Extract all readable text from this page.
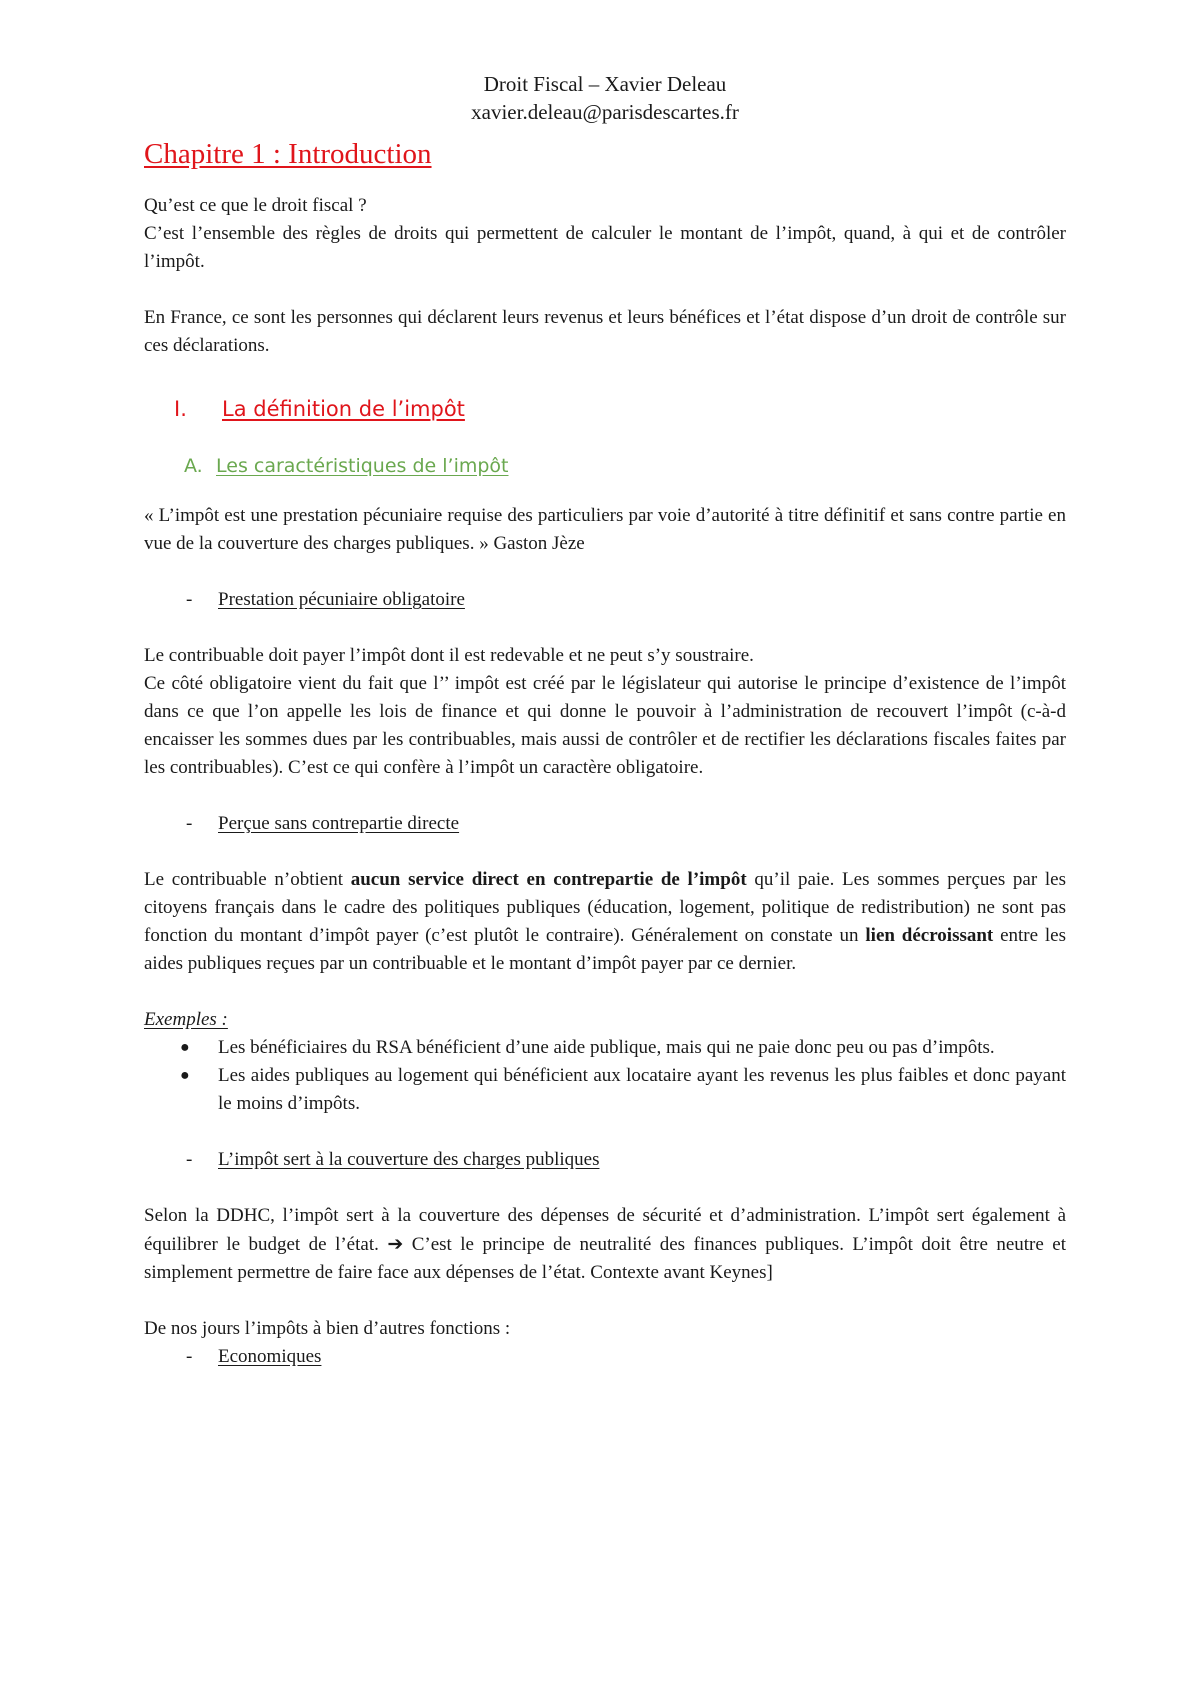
Droit Fiscal – Xavier Deleau
xavier.deleau@parisdescartes.fr
Chapitre 1 : Introduction

Qu’est ce que le droit fiscal ?

C’est l’ensemble des règles de droits qui permettent de calculer le montant de l’impôt, quand, à qui et de contrôler l’impôt.

En France, ce sont les personnes qui déclarent leurs revenus et leurs bénéfices et l’état dispose d’un droit de contrôle sur ces déclarations.

I.	La définition de l’impôt
A. Les caractéristiques de l’impôt

« L’impôt est une prestation pécuniaire requise des particuliers par voie d’autorité à titre définitif et sans contre partie en vue de la couverture des charges publiques. » Gaston Jèze

-	Prestation pécuniaire obligatoire

Le contribuable doit payer l’impôt dont il est redevable et ne peut s’y soustraire.

Ce côté obligatoire vient du fait que l’’ impôt est créé par le législateur qui autorise le principe d’existence de l’impôt dans ce que l’on appelle les lois de finance et qui donne le pouvoir à l’administration de recouvert l’impôt (c-à-d encaisser les sommes dues par les contribuables, mais aussi de contrôler et de rectifier les déclarations fiscales faites par les contribuables). C’est ce qui confère à l’impôt un caractère obligatoire.

-	Perçue sans contrepartie directe

Le contribuable n’obtient aucun service direct en contrepartie de l’impôt qu’il paie. Les sommes perçues par les citoyens français dans le cadre des politiques publiques (éducation, logement, politique de redistribution) ne sont pas fonction du montant d’impôt payer (c’est plutôt le contraire). Généralement on constate un lien décroissant entre les aides publiques reçues par un contribuable et le montant d’impôt payer par ce dernier.

Exemples :

●	Les bénéficiaires du RSA bénéficient d’une aide publique, mais qui ne paie donc peu ou pas d’impôts.
●	Les aides publiques au logement qui bénéficient aux locataire ayant les revenus les plus faibles et donc payant le moins d’impôts.
-	L’impôt sert à la couverture des charges publiques

Selon la DDHC, l’impôt sert à la couverture des dépenses de sécurité et d’administration. L’impôt sert également à équilibrer le budget de l’état. ➔ C’est le principe de neutralité des finances publiques. L’impôt doit être neutre et simplement permettre de faire face aux dépenses de l’état. Contexte avant Keynes]

De nos jours l’impôts à bien d’autres fonctions :

-	Economiques
